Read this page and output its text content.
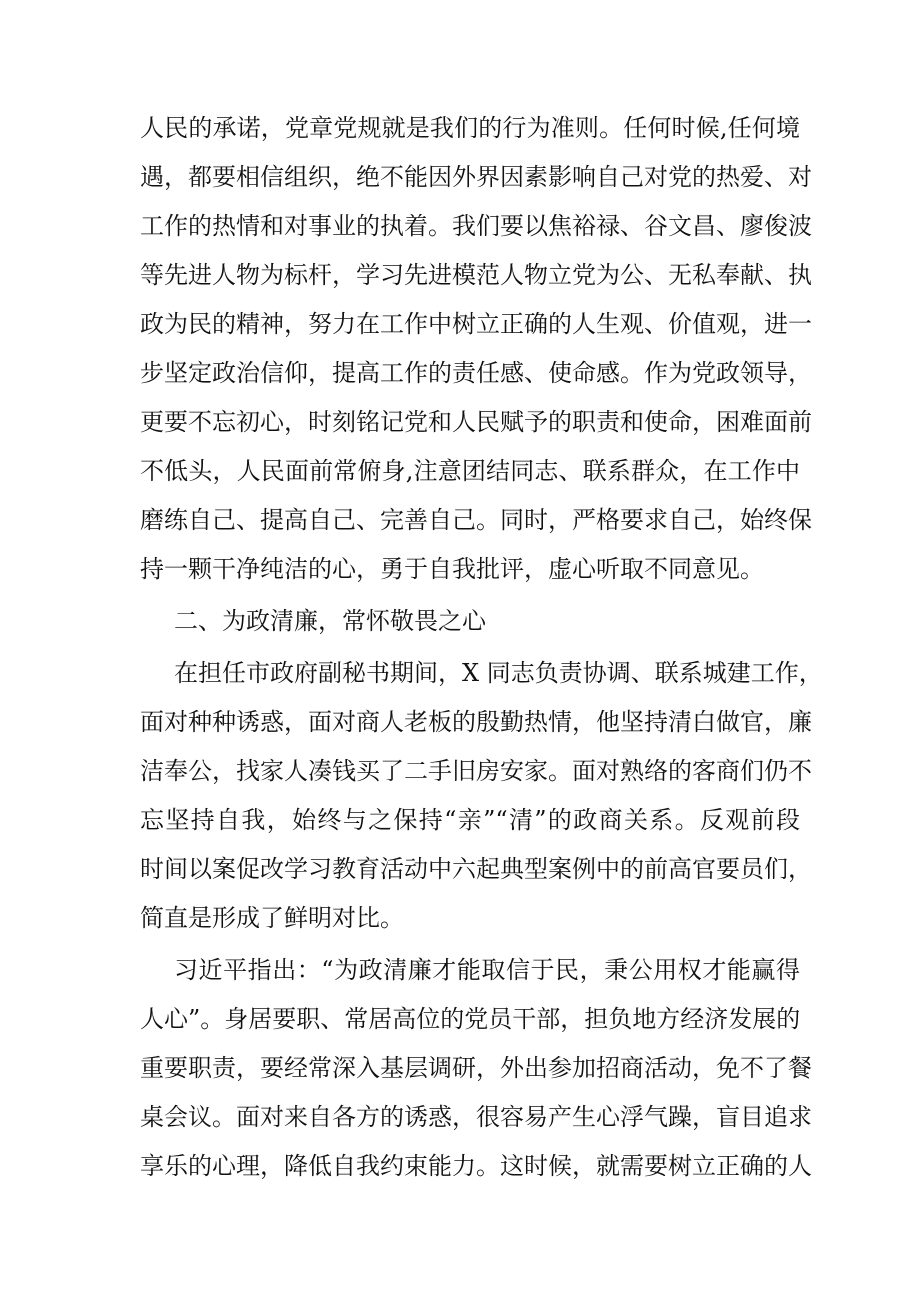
人民的承诺，党章党规就是我们的行为准则。任何时候,任何境
遇，都要相信组织，绝不能因外界因素影响自己对党的热爱、对
工作的热情和对事业的执着。我们要以焦裕禄、谷文昌、廖俊波
等先进人物为标杆，学习先进模范人物立党为公、无私奉献、执
政为民的精神，努力在工作中树立正确的人生观、价值观，进一
步坚定政治信仰，提高工作的责任感、使命感。作为党政领导，
更要不忘初心，时刻铭记党和人民赋予的职责和使命，困难面前
不低头，人民面前常俯身,注意团结同志、联系群众，在工作中
磨练自己、提高自己、完善自己。同时，严格要求自己，始终保
持一颗干净纯洁的心，勇于自我批评，虚心听取不同意见。
二、为政清廉，常怀敬畏之心
在担任市政府副秘书期间，X 同志负责协调、联系城建工作，
面对种种诱惑，面对商人老板的殷勤热情，他坚持清白做官，廉
洁奉公，找家人凑钱买了二手旧房安家。面对熟络的客商们仍不
忘坚持自我，始终与之保持“亲”“清”的政商关系。反观前段
时间以案促改学习教育活动中六起典型案例中的前高官要员们，
简直是形成了鲜明对比。
习近平指出：“为政清廉才能取信于民，秉公用权才能赢得
人心”。身居要职、常居高位的党员干部，担负地方经济发展的
重要职责，要经常深入基层调研，外出参加招商活动，免不了餐
桌会议。面对来自各方的诱惑，很容易产生心浮气躁，盲目追求
享乐的心理，降低自我约束能力。这时候，就需要树立正确的人
